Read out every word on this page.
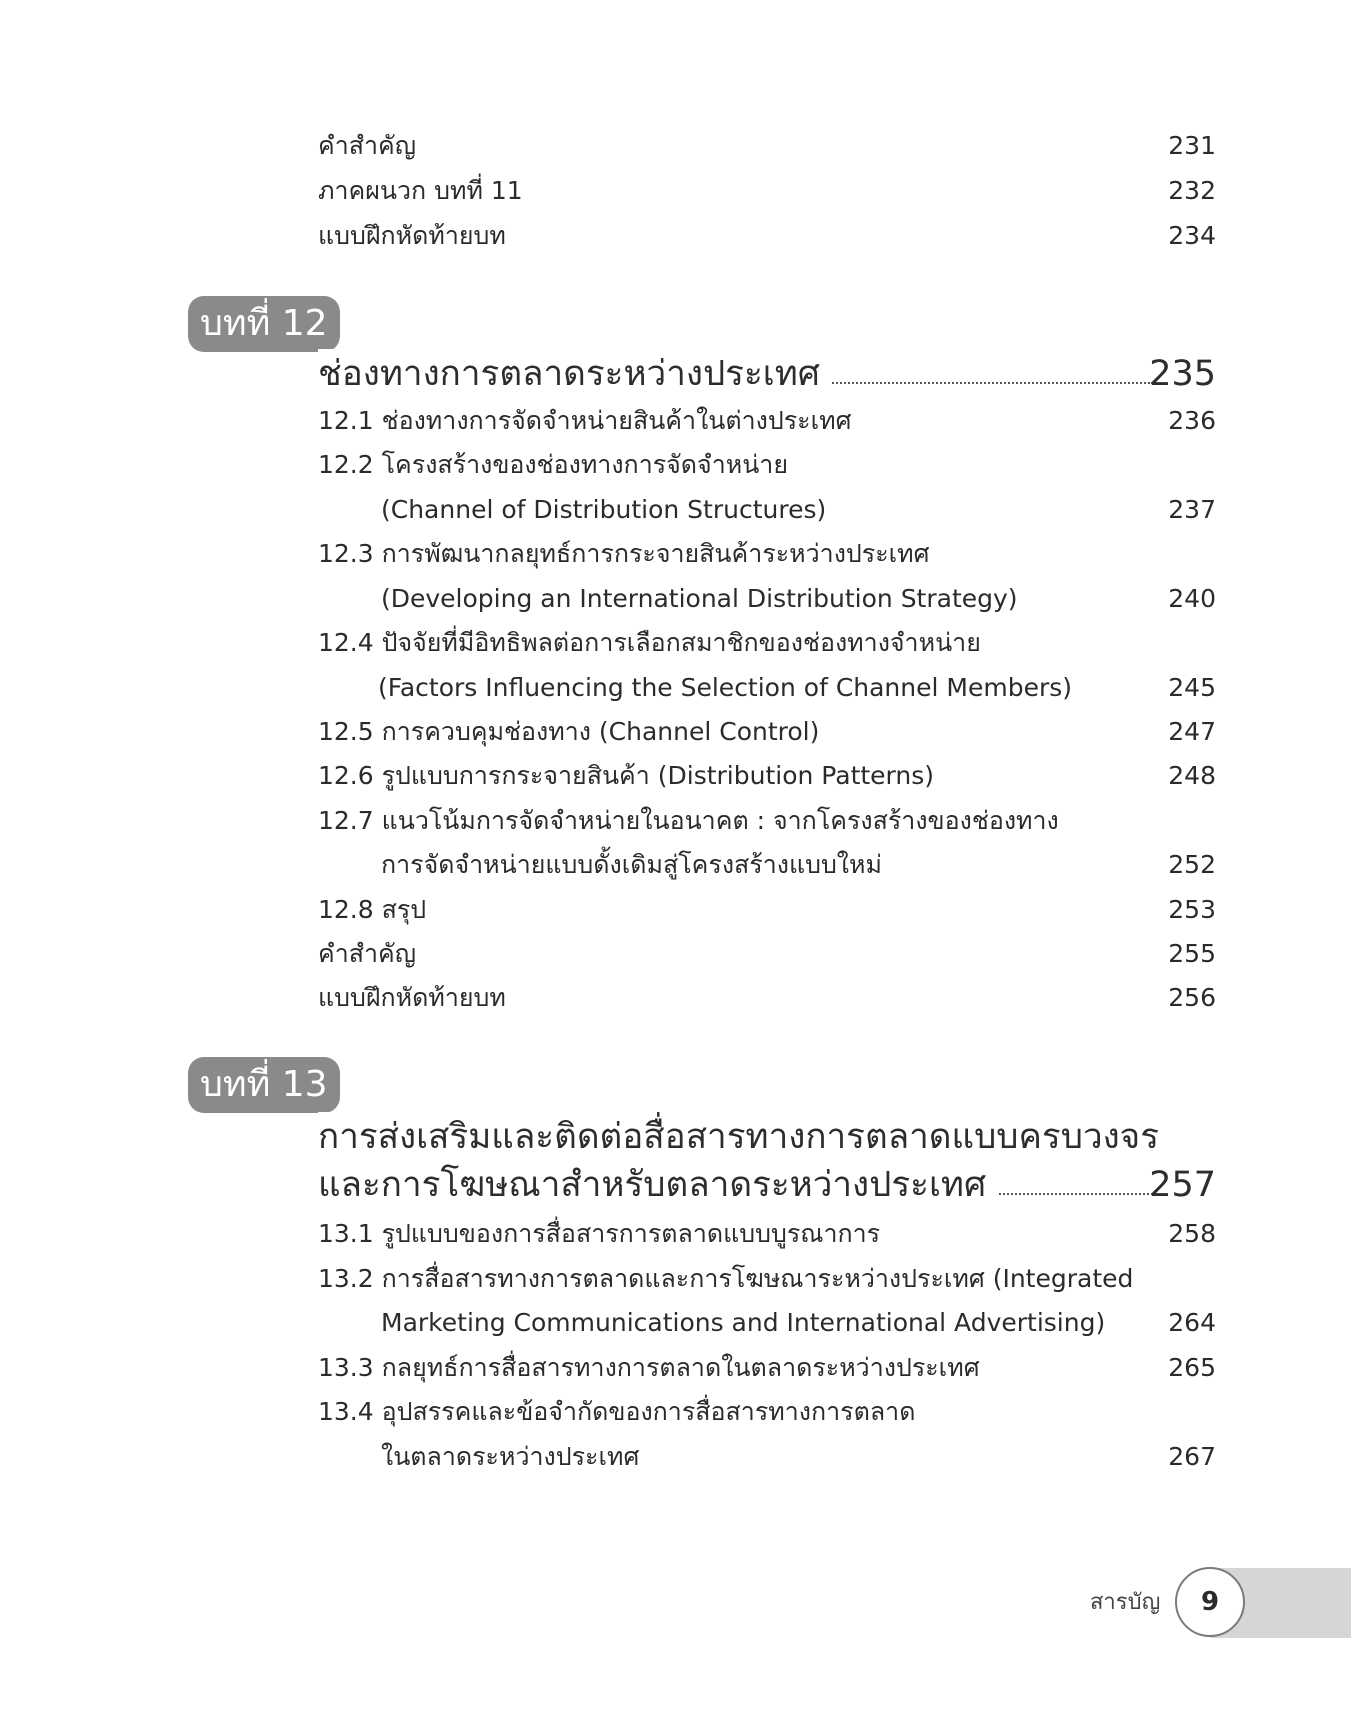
คำสำคัญ	231
ภาคผนวก บทที่ 11	232
แบบฝึกหัดท้ายบท	234
บทที่ 12
ช่องทางการตลาดระหว่างประเทศ	235
12.1 ช่องทางการจัดจำหน่ายสินค้าในต่างประเทศ	236
12.2 โครงสร้างของช่องทางการจัดจำหน่าย
(Channel of Distribution Structures)	237
12.3 การพัฒนากลยุทธ์การกระจายสินค้าระหว่างประเทศ
(Developing an International Distribution Strategy)	240
12.4 ปัจจัยที่มีอิทธิพลต่อการเลือกสมาชิกของช่องทางจำหน่าย
(Factors Influencing the Selection of Channel Members)	245
12.5 การควบคุมช่องทาง (Channel Control)	247
12.6 รูปแบบการกระจายสินค้า (Distribution Patterns)	248
12.7 แนวโน้มการจัดจำหน่ายในอนาคต : จากโครงสร้างของช่องทาง
การจัดจำหน่ายแบบดั้งเดิมสู่โครงสร้างแบบใหม่	252
12.8 สรุป	253
คำสำคัญ	255
แบบฝึกหัดท้ายบท	256
บทที่ 13
การส่งเสริมและติดต่อสื่อสารทางการตลาดแบบครบวงจร
และการโฆษณาสำหรับตลาดระหว่างประเทศ	257
13.1 รูปแบบของการสื่อสารการตลาดแบบบูรณาการ	258
13.2 การสื่อสารทางการตลาดและการโฆษณาระหว่างประเทศ (Integrated
Marketing Communications and International Advertising)	264
13.3 กลยุทธ์การสื่อสารทางการตลาดในตลาดระหว่างประเทศ	265
13.4 อุปสรรคและข้อจำกัดของการสื่อสารทางการตลาด
ในตลาดระหว่างประเทศ	267
สารบัญ	9
